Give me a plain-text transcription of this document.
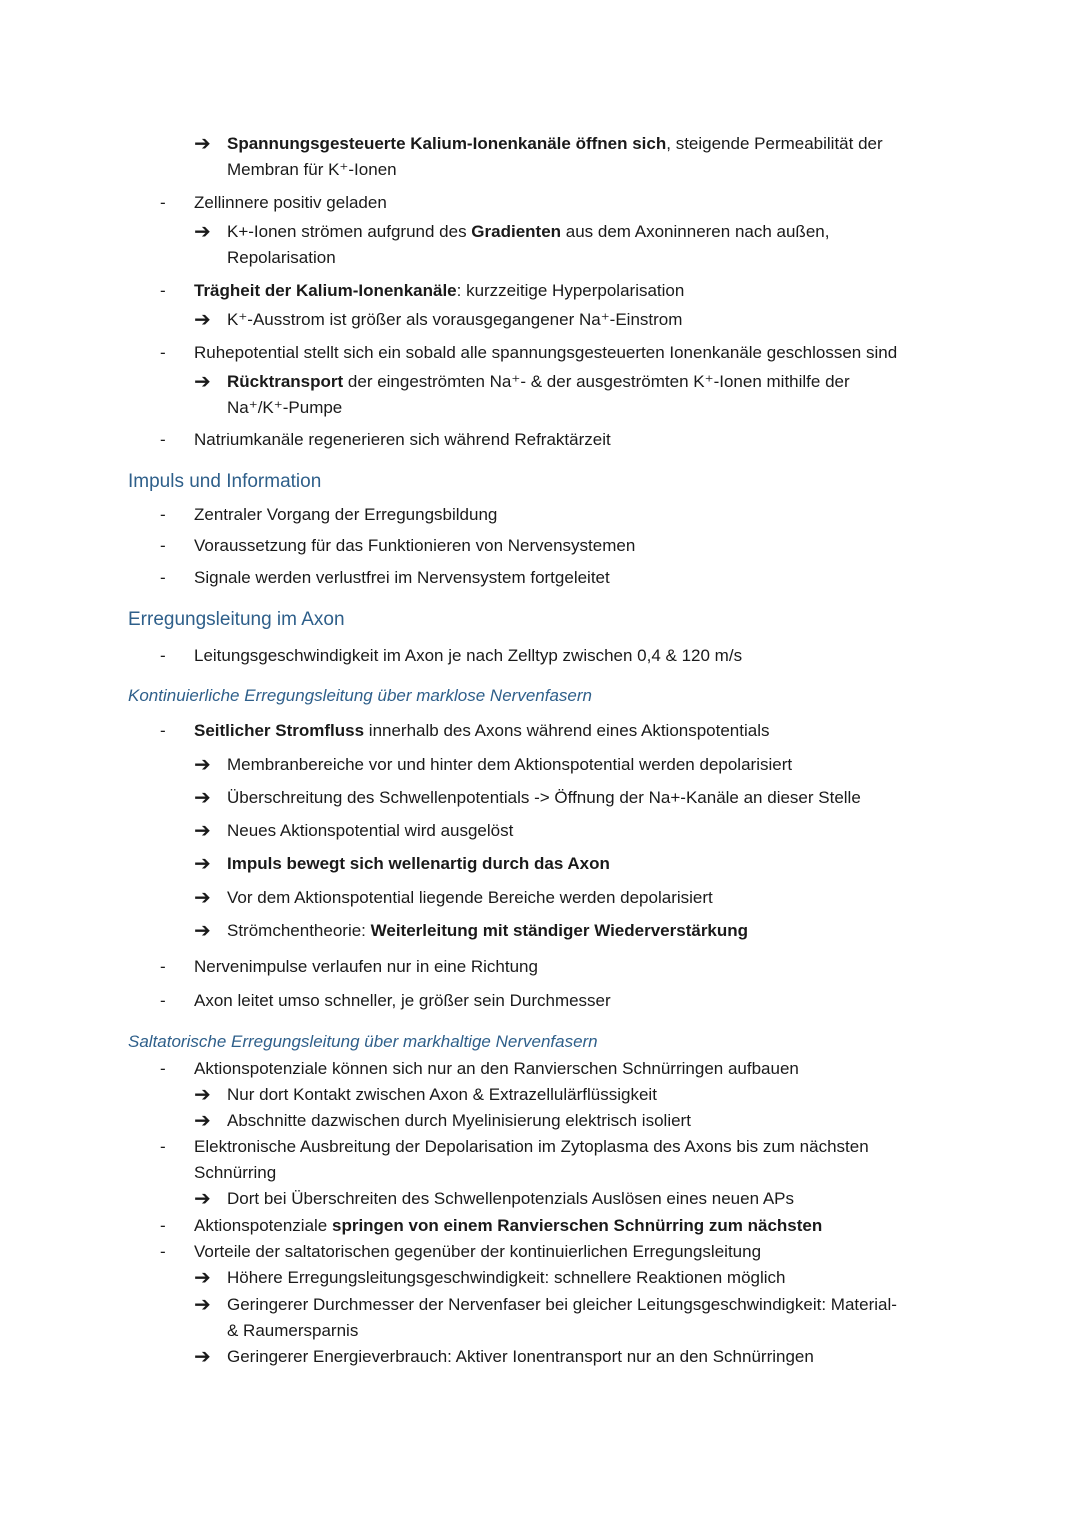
➔ Spannungsgesteuerte Kalium-Ionenkanäle öffnen sich, steigende Permeabilität der
Membran für K⁺-Ionen
- Zellinnere positiv geladen
➔ K+-Ionen strömen aufgrund des Gradienten aus dem Axoninneren nach außen,
Repolarisation
- Trägheit der Kalium-Ionenkanäle: kurzzeitige Hyperpolarisation
➔ K⁺-Ausstrom ist größer als vorausgegangener Na⁺-Einstrom
- Ruhepotential stellt sich ein sobald alle spannungsgesteuerten Ionenkanäle geschlossen sind
➔ Rücktransport der eingeströmten Na⁺- & der ausgeströmten K⁺-Ionen mithilfe der
Na⁺/K⁺-Pumpe
- Natriumkanäle regenerieren sich während Refraktärzeit
Impuls und Information
- Zentraler Vorgang der Erregungsbildung
- Voraussetzung für das Funktionieren von Nervensystemen
- Signale werden verlustfrei im Nervensystem fortgeleitet
Erregungsleitung im Axon
- Leitungsgeschwindigkeit im Axon je nach Zelltyp zwischen 0,4 & 120 m/s
Kontinuierliche Erregungsleitung über marklose Nervenfasern
- Seitlicher Stromfluss innerhalb des Axons während eines Aktionspotentials
➔ Membranbereiche vor und hinter dem Aktionspotential werden depolarisiert
➔ Überschreitung des Schwellenpotentials -> Öffnung der Na+-Kanäle an dieser Stelle
➔ Neues Aktionspotential wird ausgelöst
➔ Impuls bewegt sich wellenartig durch das Axon
➔ Vor dem Aktionspotential liegende Bereiche werden depolarisiert
➔ Strömchentheorie: Weiterleitung mit ständiger Wiederverstärkung
- Nervenimpulse verlaufen nur in eine Richtung
- Axon leitet umso schneller, je größer sein Durchmesser
Saltatorische Erregungsleitung über markhaltige Nervenfasern
- Aktionspotenziale können sich nur an den Ranvierschen Schnürringen aufbauen
➔ Nur dort Kontakt zwischen Axon & Extrazellulärflüssigkeit
➔ Abschnitte dazwischen durch Myelinisierung elektrisch isoliert
- Elektronische Ausbreitung der Depolarisation im Zytoplasma des Axons bis zum nächsten
Schnürring
➔ Dort bei Überschreiten des Schwellenpotenzials Auslösen eines neuen APs
- Aktionspotenziale springen von einem Ranvierschen Schnürring zum nächsten
- Vorteile der saltatorischen gegenüber der kontinuierlichen Erregungsleitung
➔ Höhere Erregungsleitungsgeschwindigkeit: schnellere Reaktionen möglich
➔ Geringerer Durchmesser der Nervenfaser bei gleicher Leitungsgeschwindigkeit: Material-
& Raumersparnis
➔ Geringerer Energieverbrauch: Aktiver Ionentransport nur an den Schnürringen
